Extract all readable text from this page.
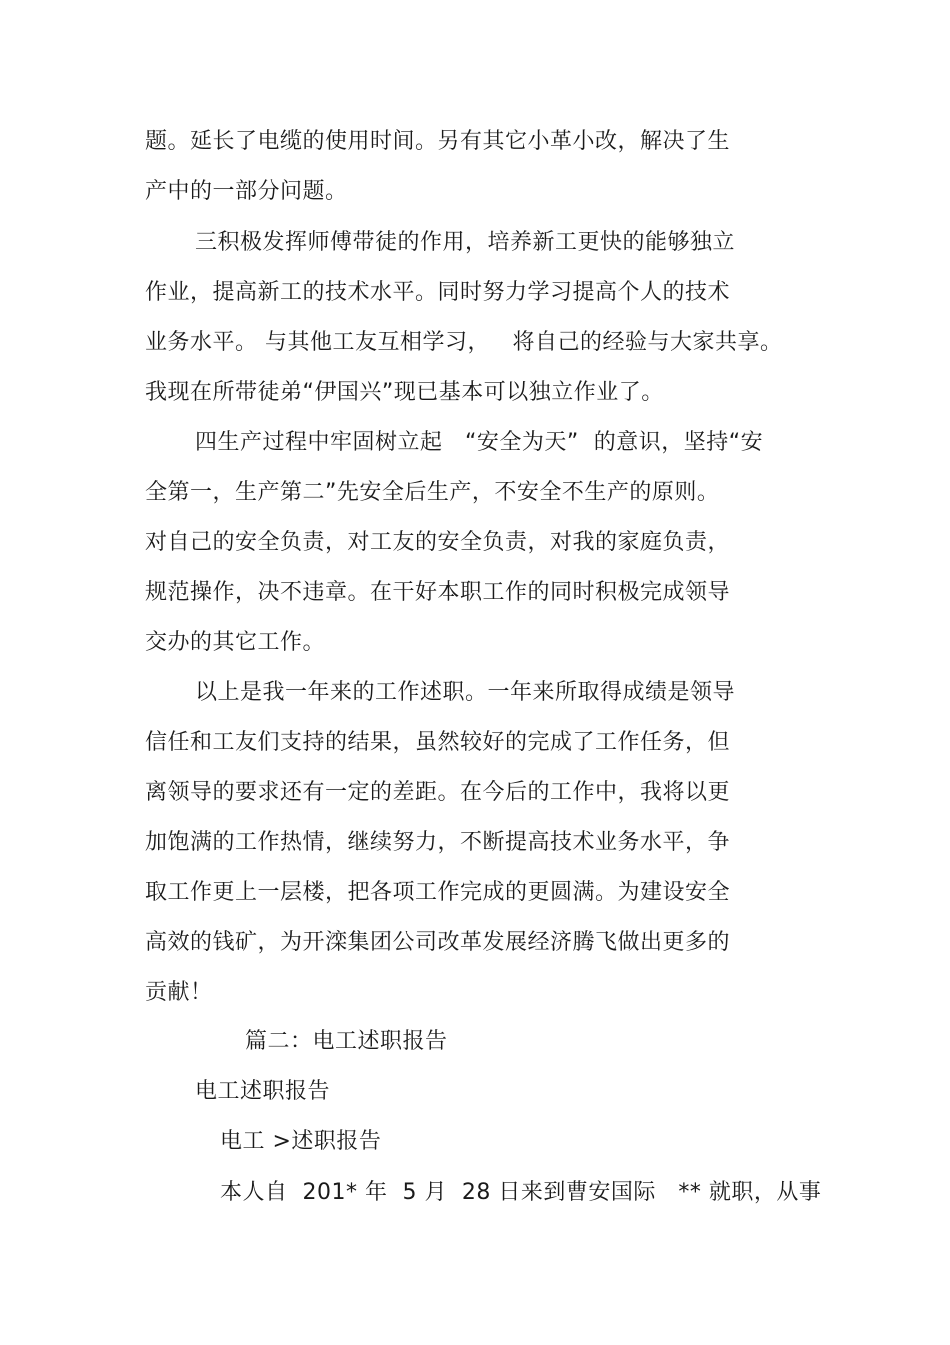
题。延长了电缆的使用时间。另有其它小革小改，解决了生
产中的一部分问题。
三积极发挥师傅带徒的作用，培养新工更快的能够独立
作业，提高新工的技术水平。同时努力学习提高个人的技术
业务水平。 与其他工友互相学习，   将自己的经验与大家共享。
我现在所带徒弟“伊国兴”现已基本可以独立作业了。
四生产过程中牢固树立起   “安全为天”  的意识，坚持“安
全第一，生产第二”先安全后生产，不安全不生产的原则。
对自己的安全负责，对工友的安全负责，对我的家庭负责，
规范操作，决不违章。在干好本职工作的同时积极完成领导
交办的其它工作。
以上是我一年来的工作述职。一年来所取得成绩是领导
信任和工友们支持的结果，虽然较好的完成了工作任务，但
离领导的要求还有一定的差距。在今后的工作中，我将以更
加饱满的工作热情，继续努力，不断提高技术业务水平，争
取工作更上一层楼，把各项工作完成的更圆满。为建设安全
高效的钱矿，为开滦集团公司改革发展经济腾飞做出更多的
贡献！
篇二：电工述职报告
电工述职报告
电工 >述职报告
本人自  201* 年  5 月  28 日来到曹安国际   ** 就职，从事
